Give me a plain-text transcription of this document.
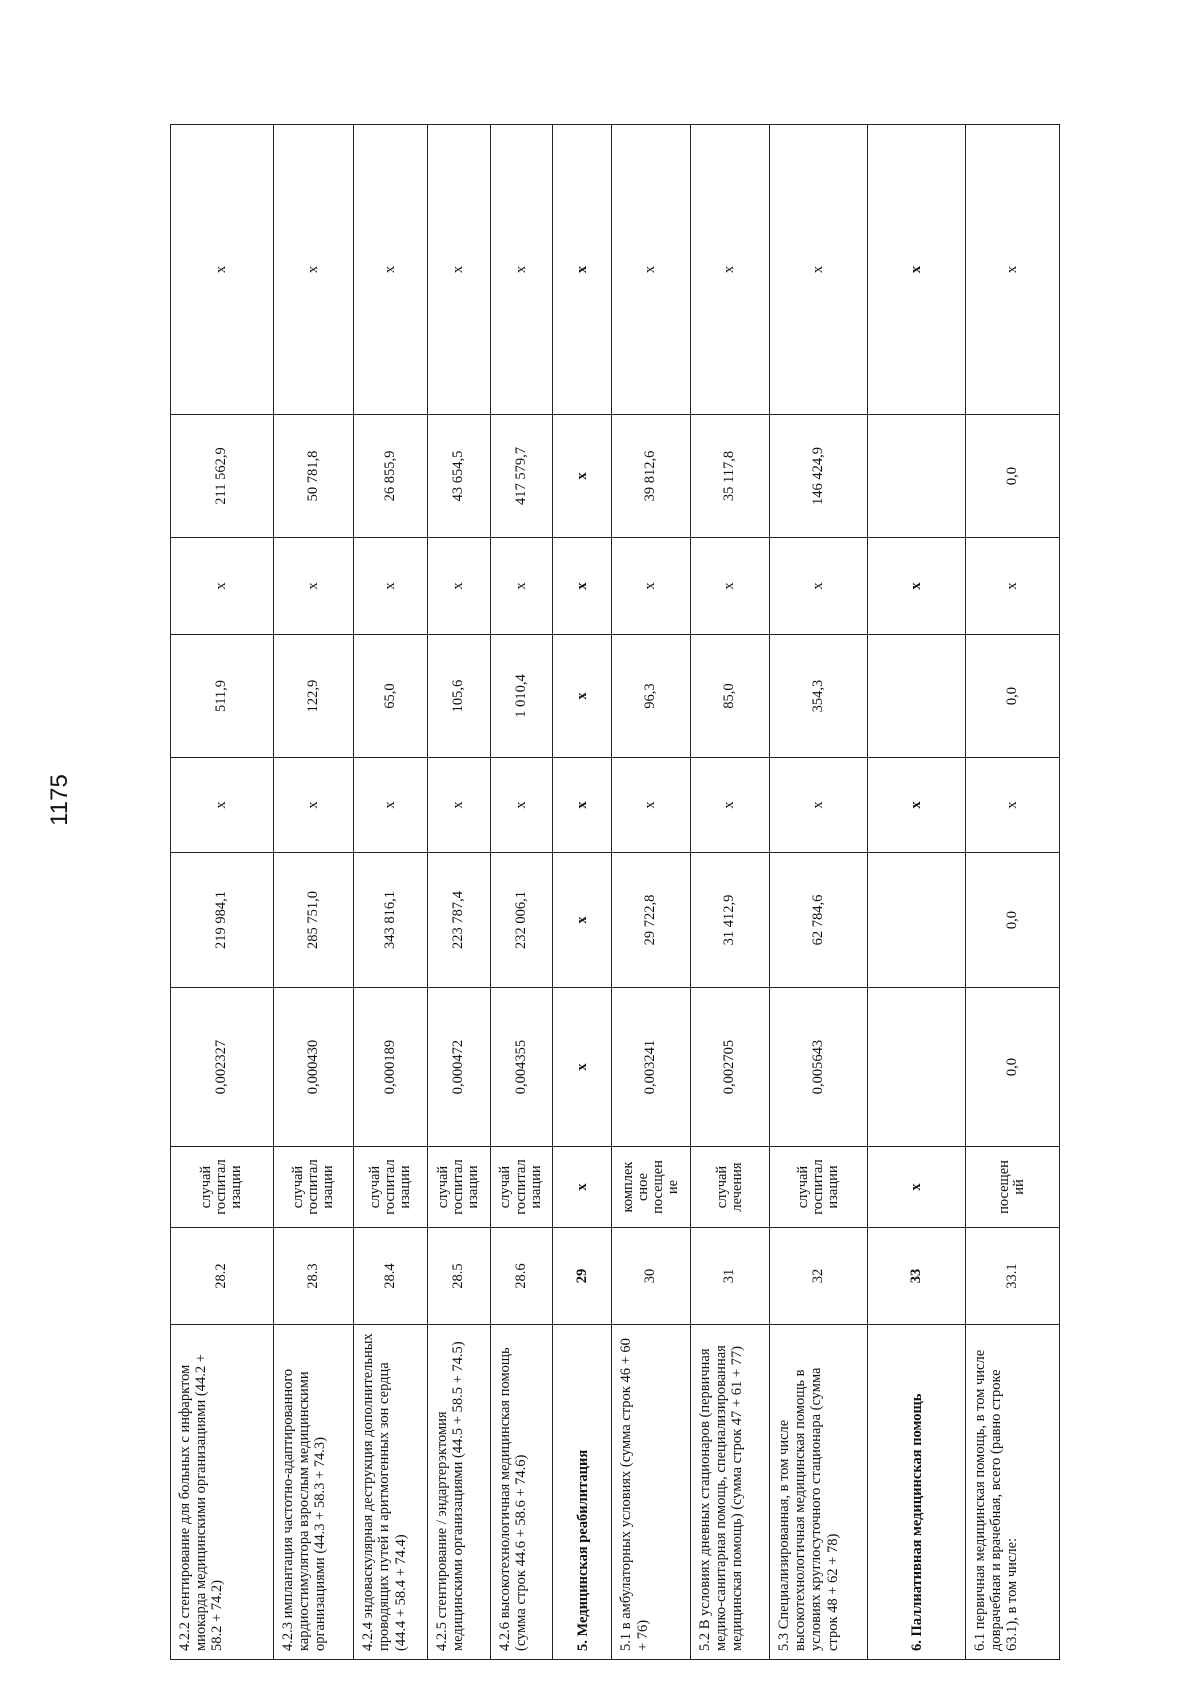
1175
4.2.2 стентирование для больных с инфарктом миокарда медицинскими организациями (44.2 + 58.2 + 74.2)	28.2	случай
госпитал
изации	0,002327	219 984,1	х	511,9	х	211 562,9	х
4.2.3 имплантация частотно-адаптированного кардиостимулятора взрослым медицинскими организациями (44.3 + 58.3 + 74.3)	28.3	случай
госпитал
изации	0,000430	285 751,0	х	122,9	х	50 781,8	х
4.2.4 эндоваскулярная деструкция дополнительных проводящих путей и аритмогенных зон сердца (44.4 + 58.4 + 74.4)	28.4	случай
госпитал
изации	0,000189	343 816,1	х	65,0	х	26 855,9	х
4.2.5 стентирование / эндартерэктомия медицинскими организациями (44.5 + 58.5 + 74.5)	28.5	случай
госпитал
изации	0,000472	223 787,4	х	105,6	х	43 654,5	х
4.2.6 высокотехнологичная медицинская помощь (сумма строк 44.6 + 58.6 + 74.6)	28.6	случай
госпитал
изации	0,004355	232 006,1	х	1 010,4	х	417 579,7	х
5. Медицинская реабилитация	29	х	х	х	х	х	х	х	х
5.1 в амбулаторных условиях (сумма строк 46 + 60 + 76)	30	комплек
сное
посещен
ие	0,003241	29 722,8	х	96,3	х	39 812,6	х
5.2 В условиях дневных стационаров (первичная медико-санитарная помощь, специализированная медицинская помощь) (сумма строк 47 + 61 + 77)	31	случай
лечения	0,002705	31 412,9	х	85,0	х	35 117,8	х
5.3 Специализированная, в том числе высокотехнологичная медицинская помощь в условиях круглосуточного стационара (сумма строк 48 + 62 + 78)	32	случай
госпитал
изации	0,005643	62 784,6	х	354,3	х	146 424,9	х
6. Паллиативная медицинская помощь	33	х			х		х		х
6.1 первичная медицинская помощь, в том числе доврачебная и врачебная, всего (равно строке 63.1), в том числе:	33.1	посещен
ий	0,0	0,0	х	0,0	х	0,0	х
